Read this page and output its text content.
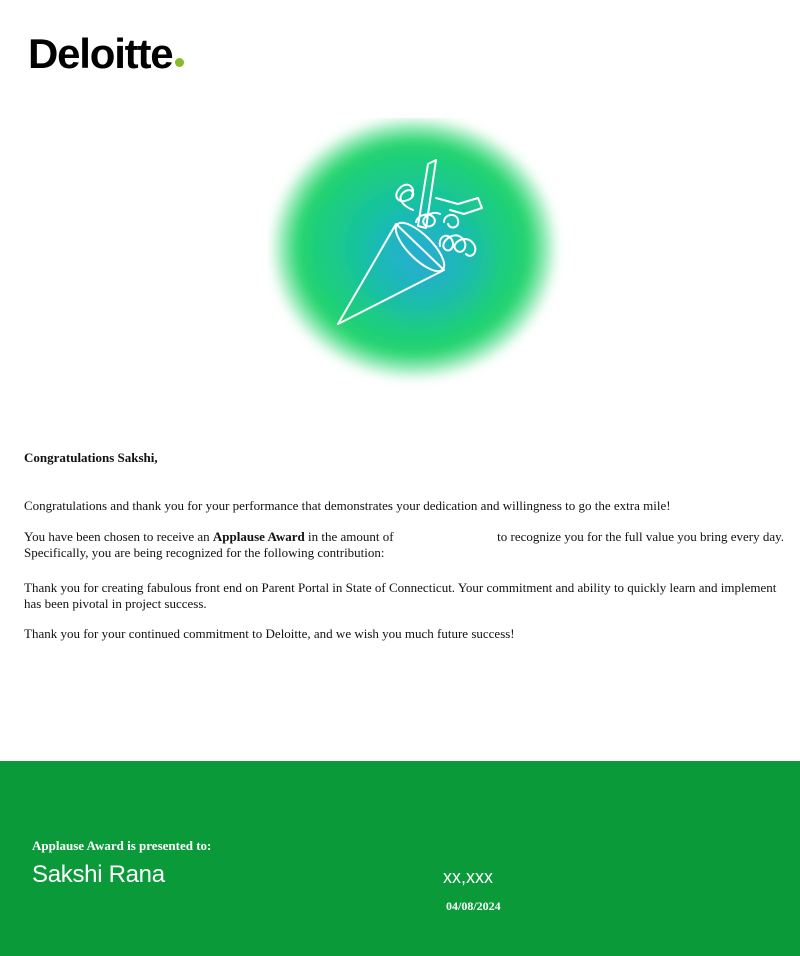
Deloitte

Congratulations Sakshi,

Congratulations and thank you for your performance that demonstrates your dedication and willingness to go the extra mile!

You have been chosen to receive an Applause Award in the amount of	to recognize you for the full value you bring every day.
Specifically, you are being recognized for the following contribution:

Thank you for creating fabulous front end on Parent Portal in State of Connecticut. Your commitment and ability to quickly learn and implement has been pivotal in project success.

Thank you for your continued commitment to Deloitte, and we wish you much future success!

Applause Award is presented to:
Sakshi Rana	xx,xxx
04/08/2024
